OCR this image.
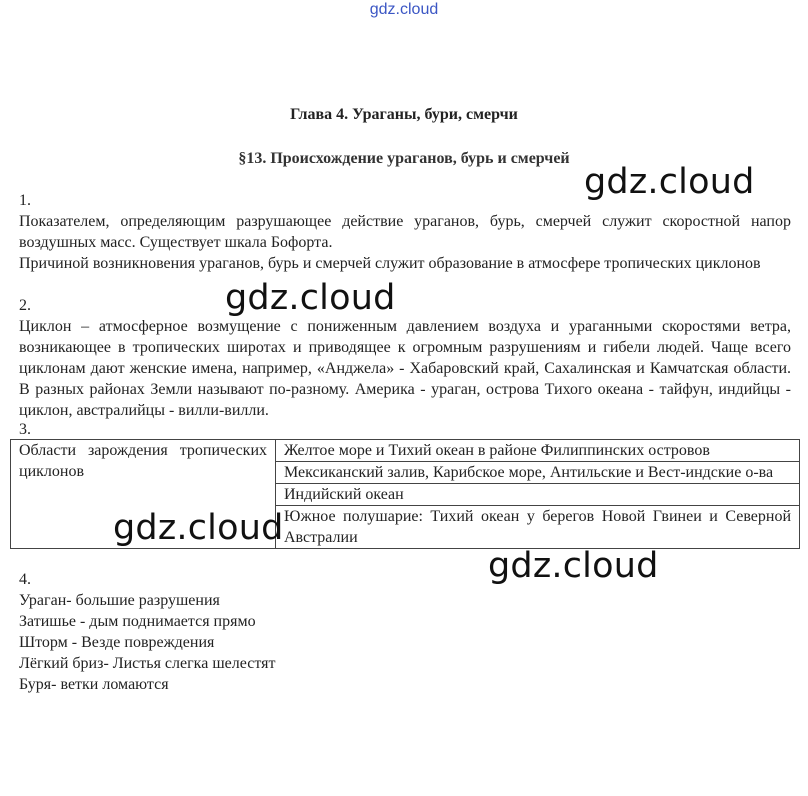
gdz.cloud
Глава 4. Ураганы, бури, смерчи
§13. Происхождение ураганов, бурь и смерчей
1.

Показателем, определяющим разрушающее действие ураганов, бурь, смерчей служит скоростной напор воздушных масс. Существует шкала Бофорта.

Причиной возникновения ураганов, бурь и смерчей служит образование в атмосфере тропических циклонов

2.

Циклон – атмосферное возмущение с пониженным давлением воздуха и ураганными скоростями ветра, возникающее в тропических широтах и приводящее к огромным разрушениям и гибели людей. Чаще всего циклонам дают женские имена, например, «Анджела» - Хабаровский край, Сахалинская и Камчатская области. В разных районах Земли называют по-разному. Америка - ураган, острова Тихого океана - тайфун, индийцы - циклон, австралийцы - вилли-вилли.

3.
Области зарождения тропических циклонов	Желтое море и Тихий океан в районе Филиппинских островов
Мексиканский залив, Карибское море, Антильские и Вест-индские о-ва
Индийский океан
Южное полушарие: Тихий океан у берегов Новой Гвинеи и Северной Австралии
4.
Ураган- большие разрушения
Затишье - дым поднимается прямо
Шторм - Везде повреждения
Лёгкий бриз- Листья слегка шелестят
Буря- ветки ломаются
gdz.cloud
gdz.cloud
gdz.cloud
gdz.cloud
